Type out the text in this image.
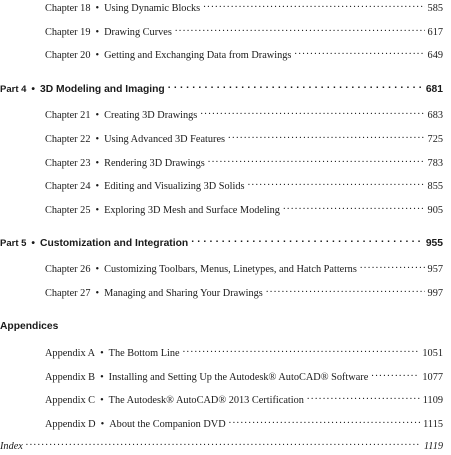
Chapter 18 • Using Dynamic Blocks . . .	585
Chapter 19 • Drawing Curves . . .	617
Chapter 20 • Getting and Exchanging Data from Drawings . . .	649
Part 4 • 3D Modeling and Imaging . . .	681
Chapter 21 • Creating 3D Drawings . . .	683
Chapter 22 • Using Advanced 3D Features . . .	725
Chapter 23 • Rendering 3D Drawings . . .	783
Chapter 24 • Editing and Visualizing 3D Solids . . .	855
Chapter 25 • Exploring 3D Mesh and Surface Modeling . . .	905
Part 5 • Customization and Integration . . .	955
Chapter 26 • Customizing Toolbars, Menus, Linetypes, and Hatch Patterns . . .	957
Chapter 27 • Managing and Sharing Your Drawings . . .	997
Appendices
Appendix A • The Bottom Line . . .	1051
Appendix B • Installing and Setting Up the Autodesk® AutoCAD® Software . . .	1077
Appendix C • The Autodesk® AutoCAD® 2013 Certification . . .	1109
Appendix D • About the Companion DVD . . .	1115
Index . . .	1119
